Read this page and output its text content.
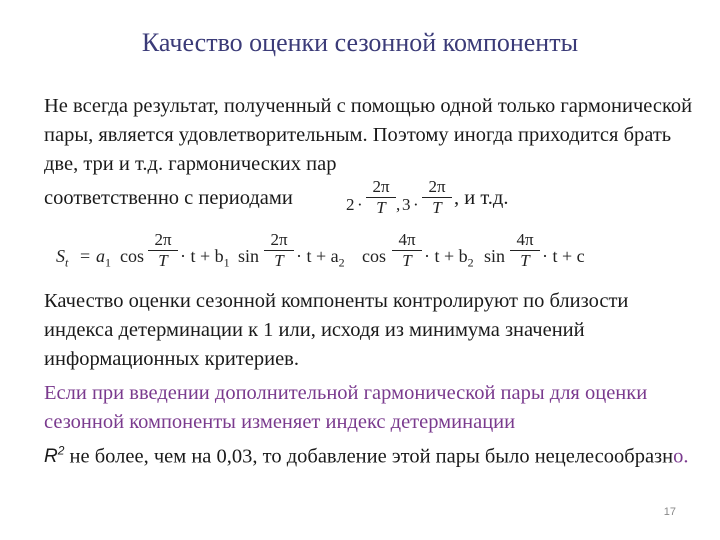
Качество оценки сезонной компоненты

Не всегда результат, полученный с помощью одной только гармонической пары, является удовлетворительным. Поэтому иногда приходится брать две, три и т.д. гармонических пар

соответственно с периодами	2 ·
2π
T , 3 ·
2π
T , и т.д.
$S_t = a_1$ cos
2π
$T \cdot t + b_1$ sin
2π
$T \cdot t + a_2$ cos
4π
$T \cdot t + b_2$ sin
4π
T · t + c

Качество оценки сезонной компоненты контролируют по близости индекса детерминации к 1 или, исходя из минимума значений информационных критериев.

Если при введении дополнительной гармонической пары для оценки сезонной компоненты изменяет индекс детерминации
$R^2$ не более, чем на 0,03, то добавление этой пары было нецелесообразно.

17
